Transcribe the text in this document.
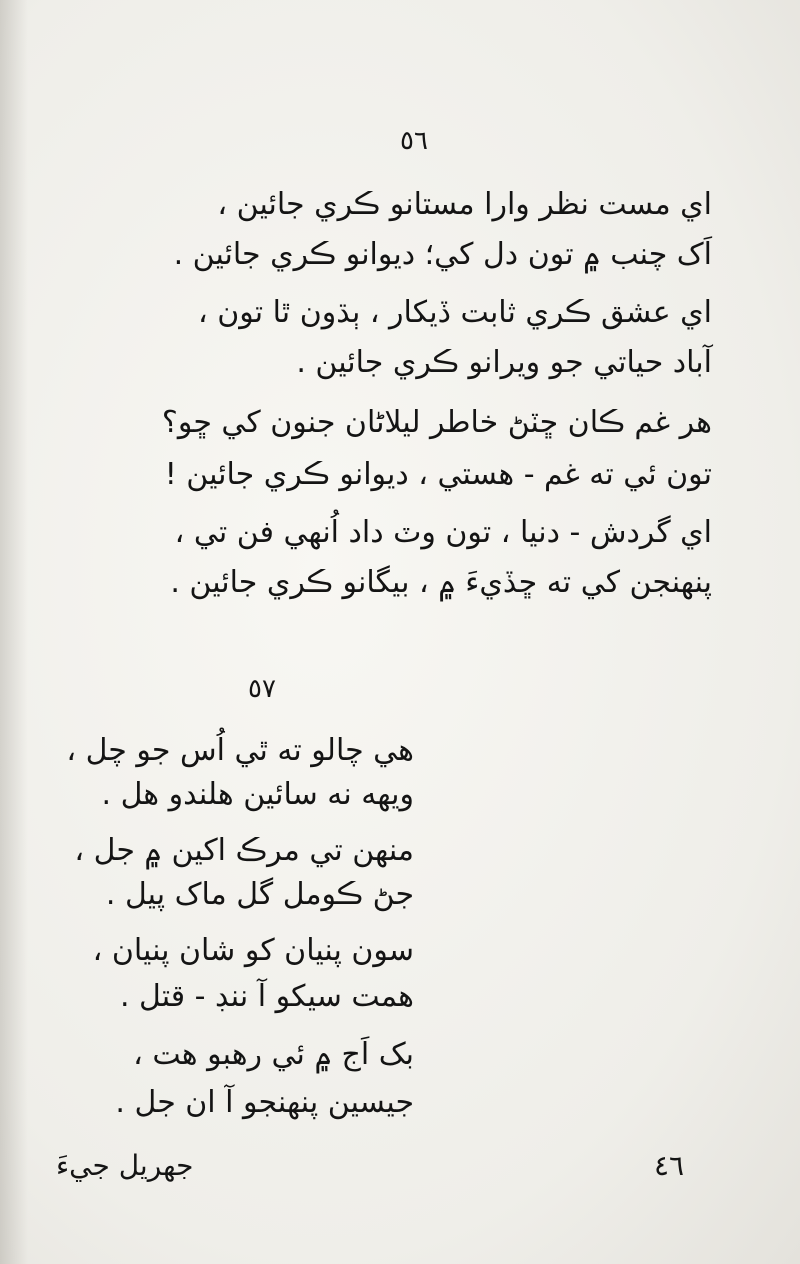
٥٦
اي مست نظر وارا مستانو ڪري جائين ،
اَک چنب ۾ تون دل کي؛ ديوانو ڪري جائين .
اي عشق ڪري ثابت ڏيکار ، ٻڌون ٿا تون ،
آباد حياتي جو ويرانو ڪري جائين .
هر غم ڪان ڇٽڻ خاطر ليلاڻان جنون کي ڇو؟
تون ئي ته غم - هستي ، ديوانو ڪري جائين !
اي گردش - دنيا ، تون وٽ داد اُنهي فن تي ،
پنهنجن کي ته ڇڏيءَ ۾ ، بيگانو ڪري جائين .
٥٧
هي چالو ته ٿي اُس جو چل ،
ويهه نه سائين هلندو هل .
منهن تي مرڪ اکين ۾ جل ،
جڻ ڪومل گل ماک پيل .
سون پنيان کو شان پنيان ،
همت سيکو آ ننڊ - قتل .
بک اَج ۾ ئي رهبو هت ،
جيسين پنهنجو آ ان جل .
جهريل جيءَ	٤٦
